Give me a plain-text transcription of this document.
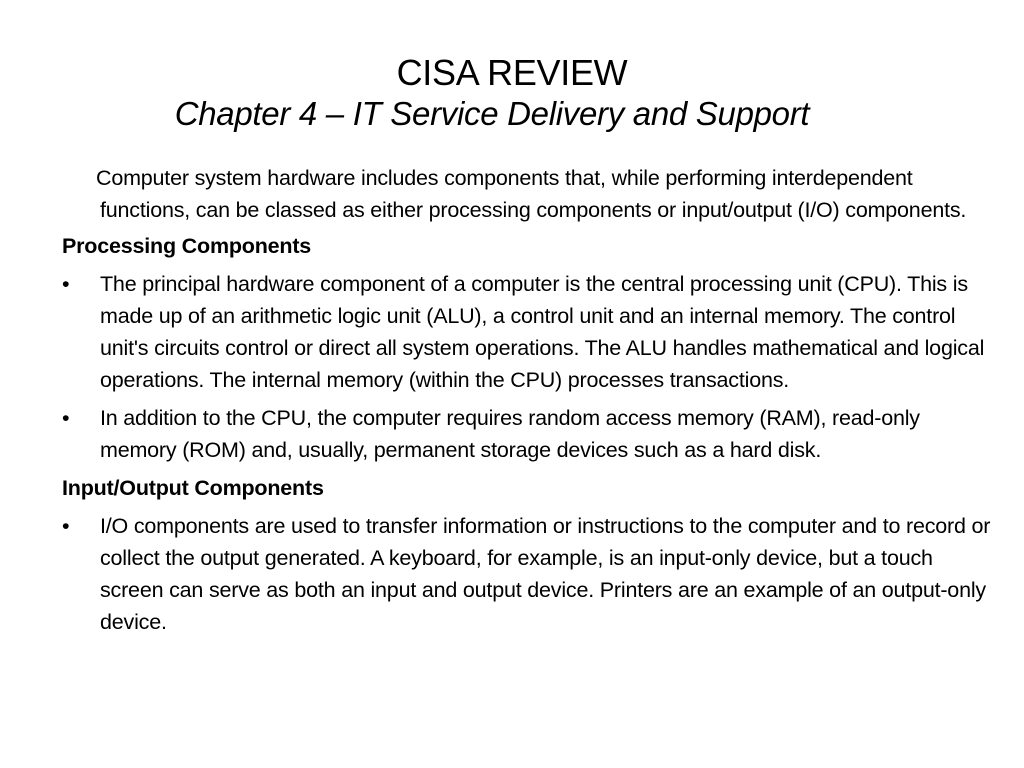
CISA REVIEW
Chapter 4 – IT Service Delivery and Support

Computer system hardware includes components that, while performing interdependent functions, can be classed as either processing components or input/output (I/O) components.

Processing Components
•	The principal hardware component of a computer is the central processing unit (CPU). This is made up of an arithmetic logic unit (ALU), a control unit and an internal memory. The control unit's circuits control or direct all system operations. The ALU handles mathematical and logical operations. The internal memory (within the CPU) processes transactions.
•	In addition to the CPU, the computer requires random access memory (RAM), read-only memory (ROM) and, usually, permanent storage devices such as a hard disk.
Input/Output Components
•	I/O components are used to transfer information or instructions to the computer and to record or collect the output generated. A keyboard, for example, is an input-only device, but a touch screen can serve as both an input and output device. Printers are an example of an output-only device.
